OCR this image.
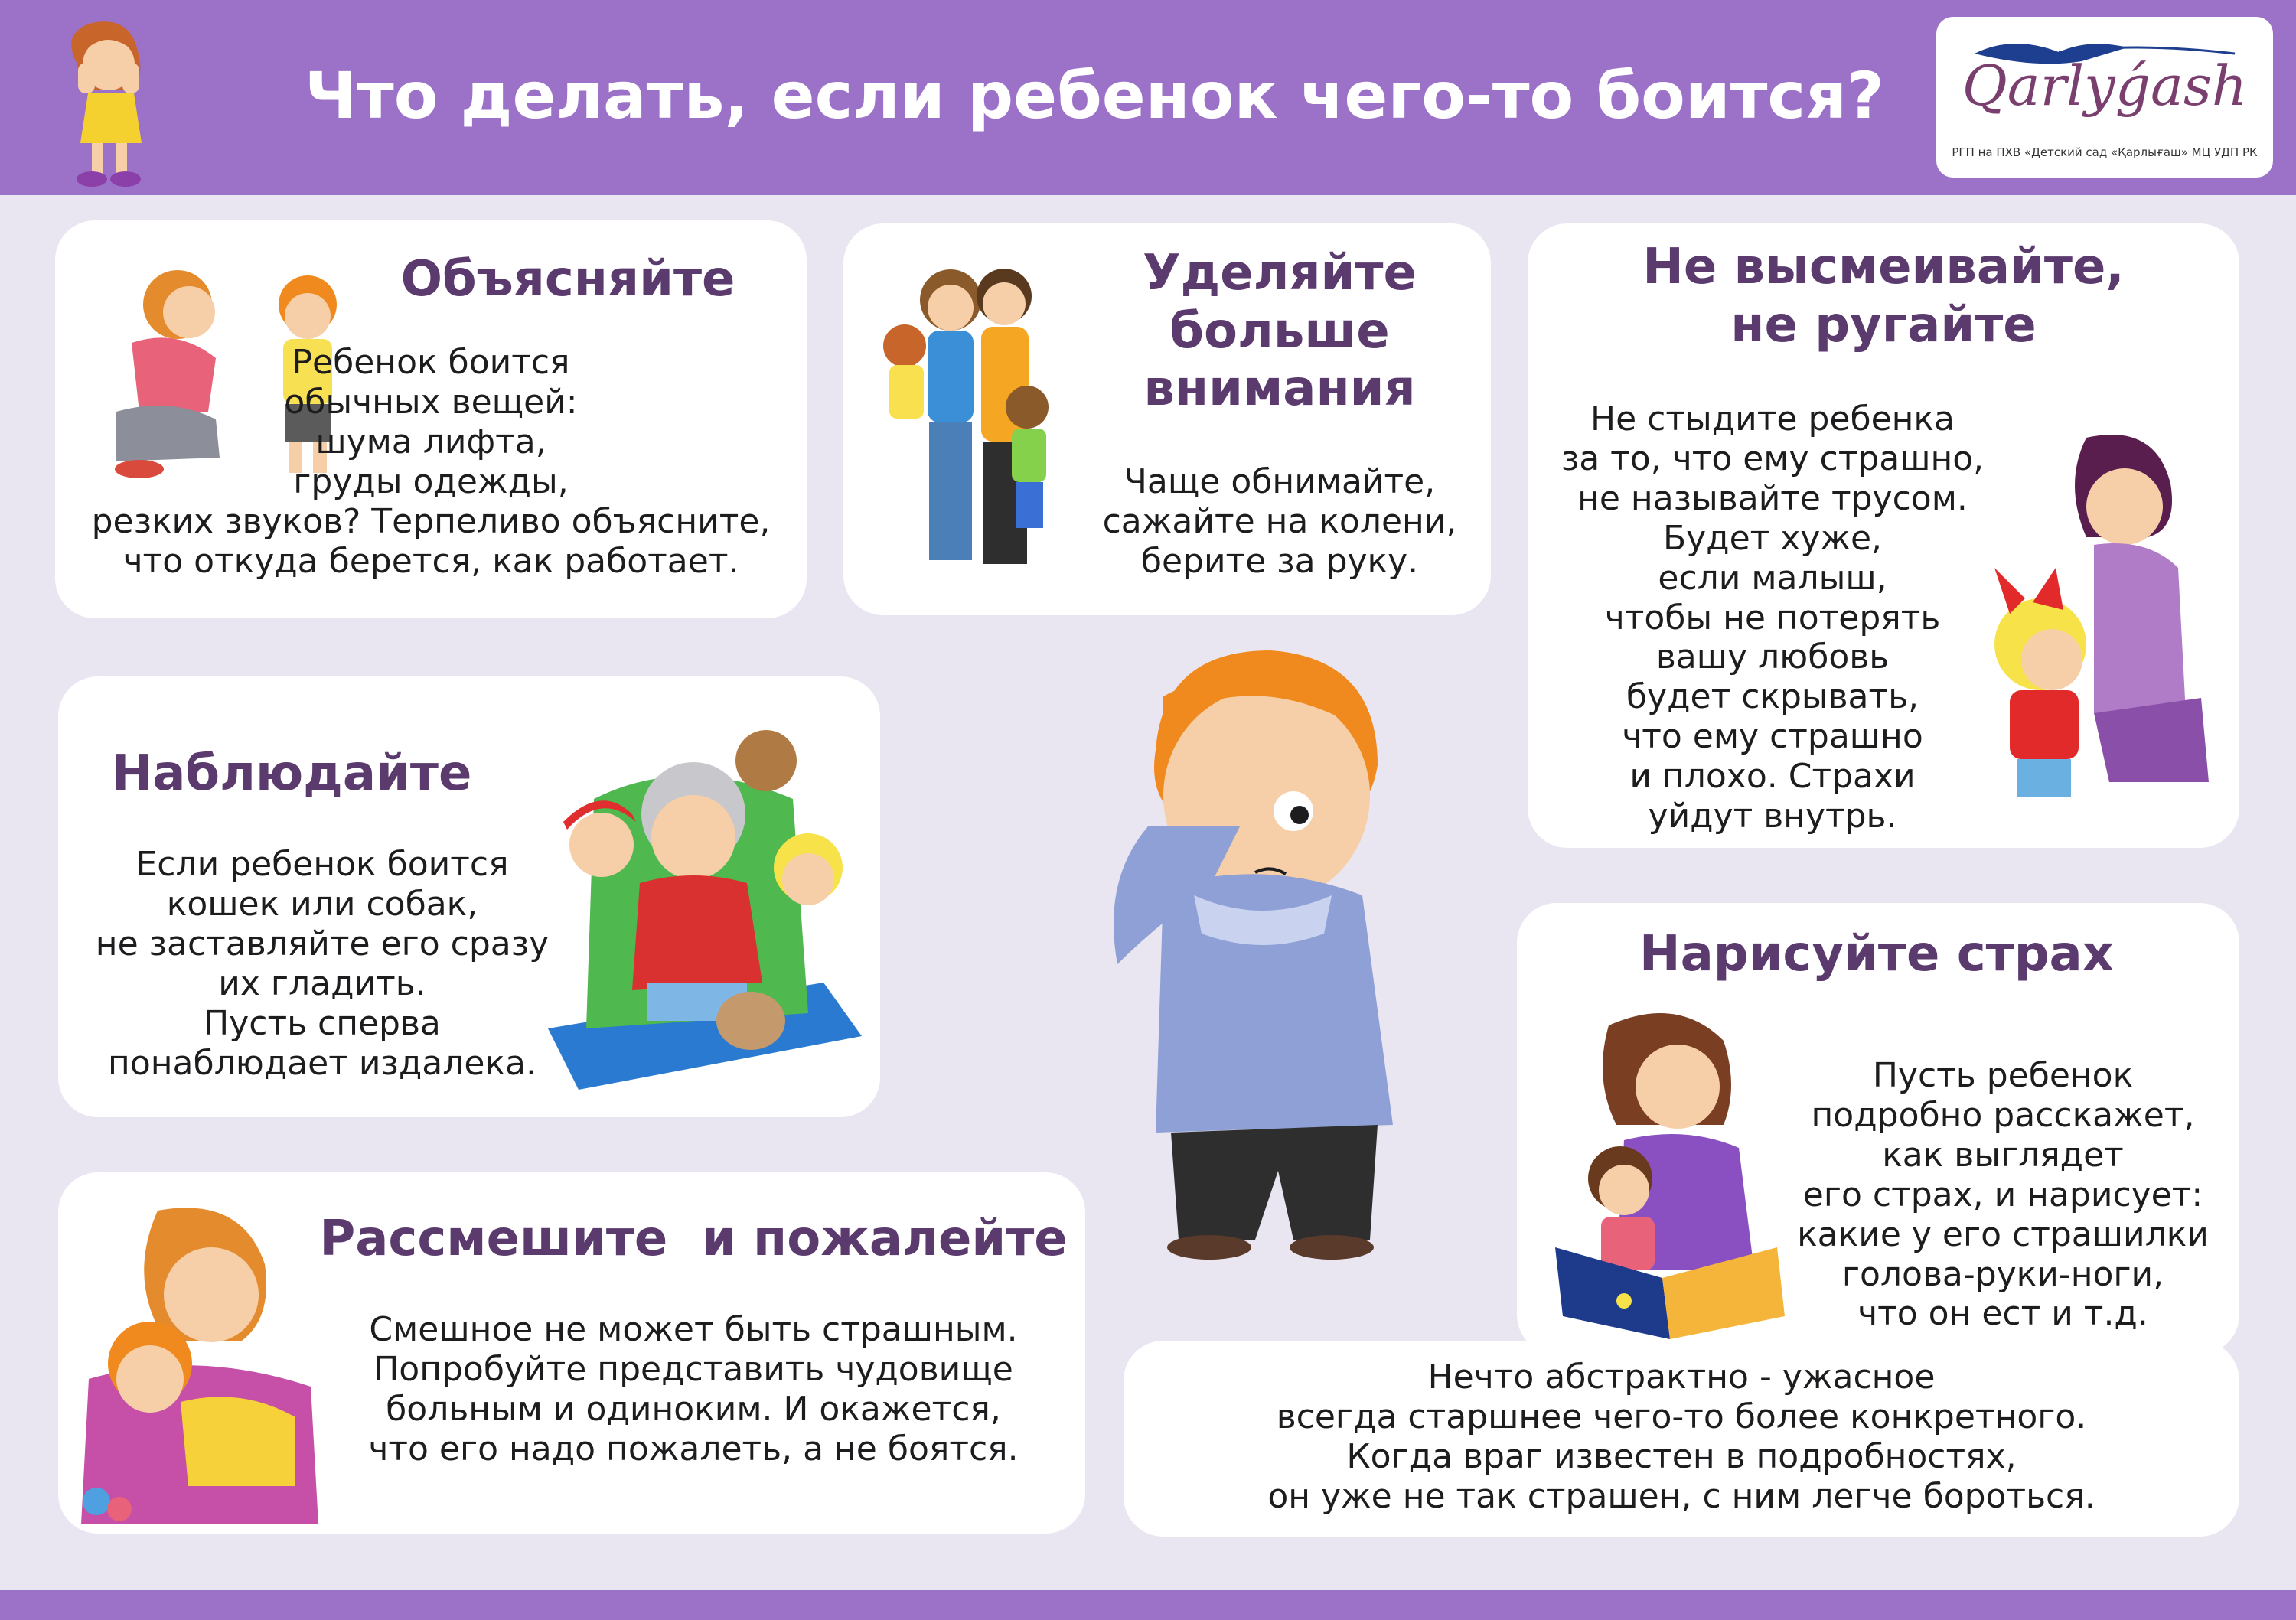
Что делать, если ребенок чего-то боится?	Qarlyǵash
РГП на ПХВ «Детский сад «Қарлығаш» МЦ УДП РК
Объясняйте
Ребенок боится
обычных вещей:
шума лифта,
груды одежды,
резких звуков? Терпеливо объясните,
что откуда берется, как работает.
Уделяйте
больше
внимания
Чаще обнимайте,
сажайте на колени,
берите за руку.
Не высмеивайте,
не ругайте
Не стыдите ребенка
за то, что ему страшно,
не называйте трусом.
Будет хуже,
если малыш,
чтобы не потерять
вашу любовь
будет скрывать,
что ему страшно
и плохо. Страхи
уйдут внутрь.
Наблюдайте
Если ребенок боится
кошек или собак,
не заставляйте его сразу
их гладить.
Пусть сперва
понаблюдает издалека.
Нарисуйте страх
Пусть ребенок
подробно расскажет,
как выглядет
его страх, и нарисует:
какие у его страшилки
голова-руки-ноги,
что он ест и т.д.
Нечто абстрактно - ужасное
всегда старшнее чего-то более конкретного.
Когда враг известен в подробностях,
он уже не так страшен, с ним легче бороться.
Рассмешите  и пожалейте
Смешное не может быть страшным.
Попробуйте представить чудовище
больным и одиноким. И окажется,
что его надо пожалеть, а не боятся.
